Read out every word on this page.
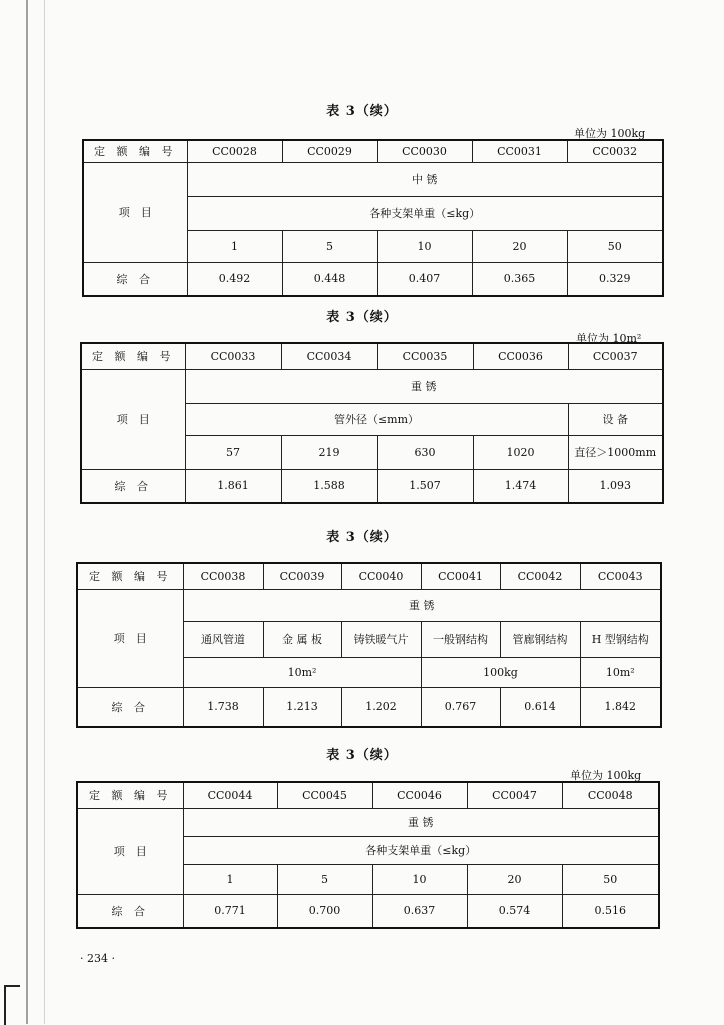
表 3（续）
单位为 100kg
定 额 编 号	CC0028	CC0029	CC0030	CC0031	CC0032
项　目	中 锈				
	各种支架单重（≤kg）				
	1	5	10	20	50
综 合	0.492	0.448	0.407	0.365	0.329
表 3（续）
单位为 10m²
定 额 编 号	CC0033	CC0034	CC0035	CC0036	CC0037
项　目	重 锈				
	管外径（≤mm）				设 备
	57	219	630	1020	直径＞1000mm
综 合	1.861	1.588	1.507	1.474	1.093
表 3（续）
定 额 编 号	CC0038	CC0039	CC0040	CC0041	CC0042	CC0043
项　目	重 锈					
	通风管道	金 属 板	铸铁暖气片	一般钢结构	管廊钢结构	H 型钢结构
	10m²			100kg		10m²
综 合	1.738	1.213	1.202	0.767	0.614	1.842
表 3（续）
单位为 100kg
定 额 编 号	CC0044	CC0045	CC0046	CC0047	CC0048
项　目	重 锈				
	各种支架单重（≤kg）				
	1	5	10	20	50
综 合	0.771	0.700	0.637	0.574	0.516
· 234 ·
